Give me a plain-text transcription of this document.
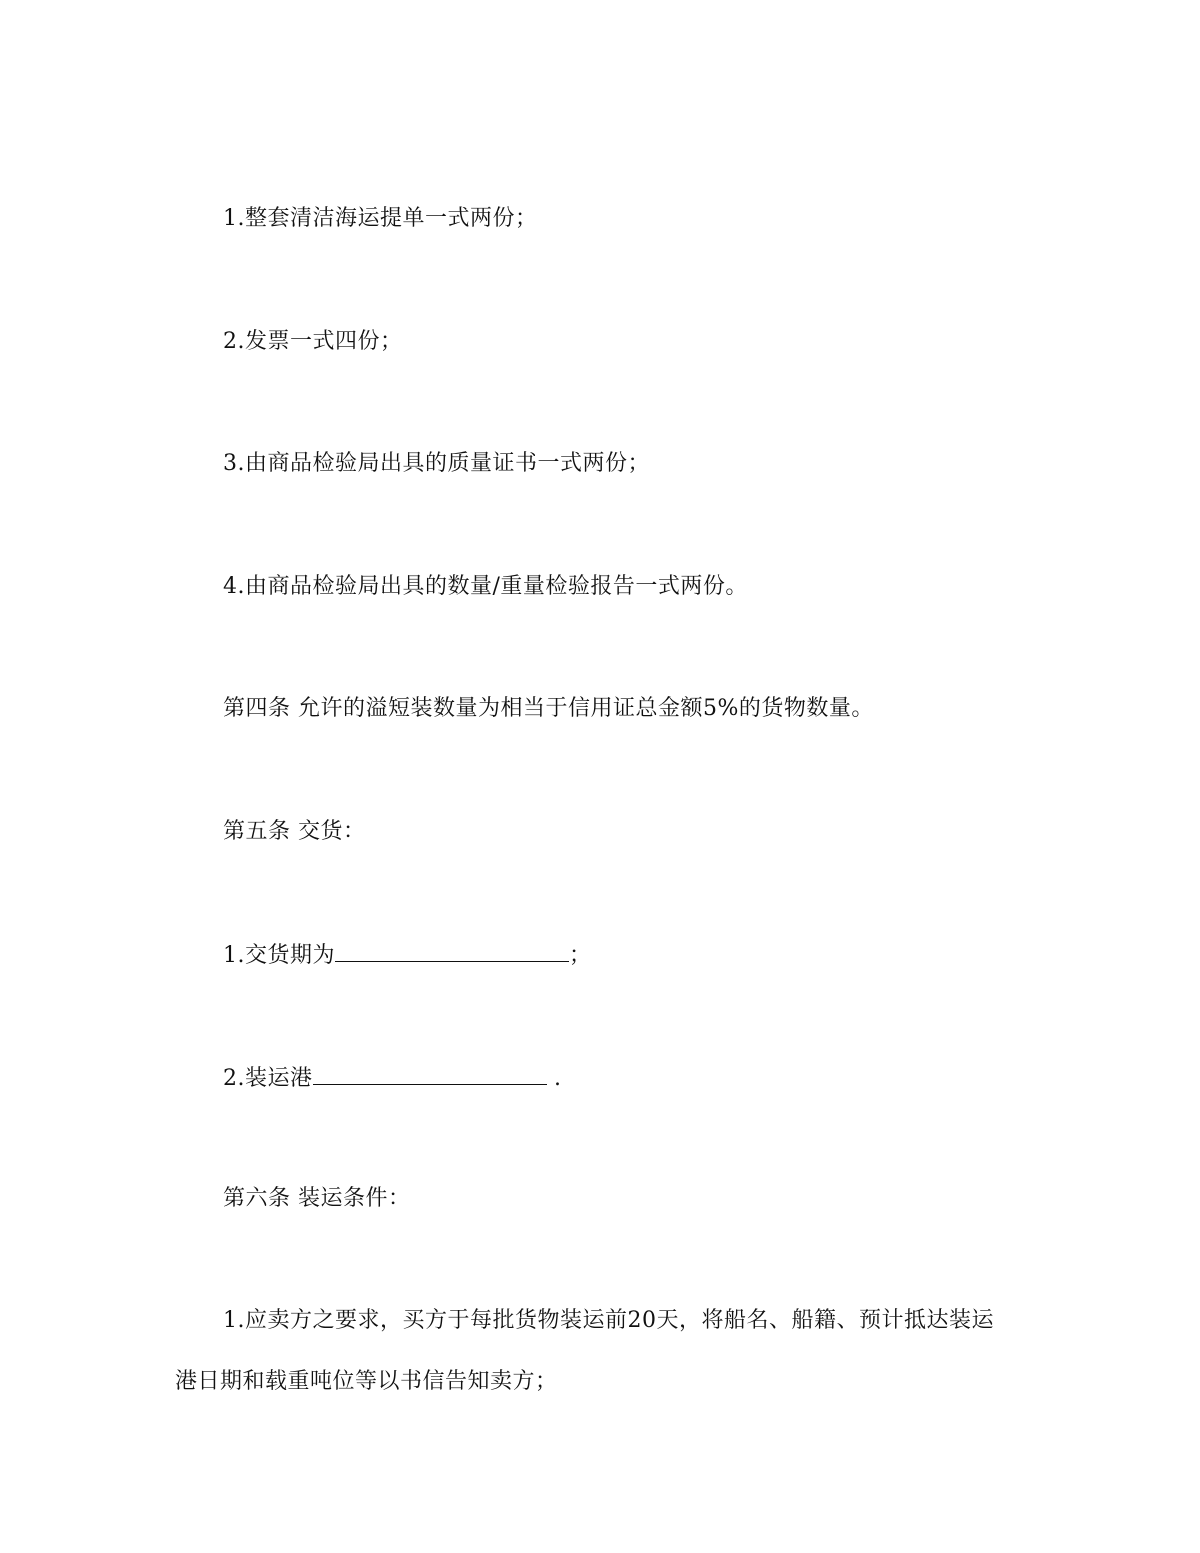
1.整套清洁海运提单一式两份；
2.发票一式四份；
3.由商品检验局出具的质量证书一式两份；
4.由商品检验局出具的数量/重量检验报告一式两份。
第四条 允许的溢短装数量为相当于信用证总金额5%的货物数量。
第五条 交货：
1.交货期为	；
2.装运港	.
第六条 装运条件：
1.应卖方之要求，买方于每批货物装运前20天，将船名、船籍、预计抵达装运
港日期和载重吨位等以书信告知卖方；
